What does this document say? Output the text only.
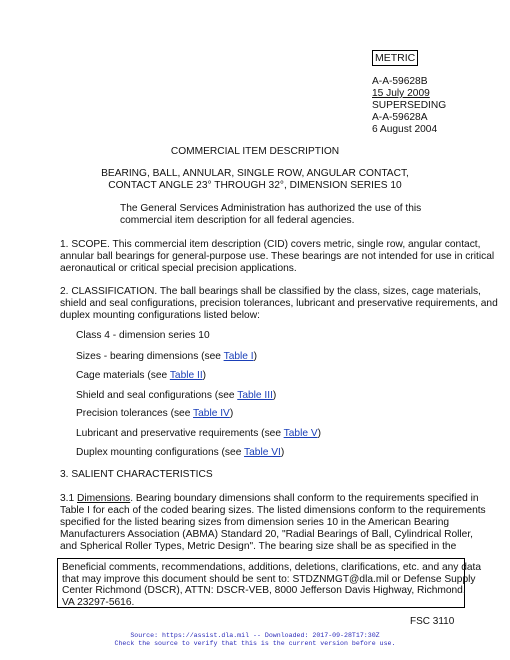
METRIC
A-A-59628B
15 July 2009
SUPERSEDING
A-A-59628A
6 August 2004
COMMERCIAL ITEM DESCRIPTION
BEARING, BALL, ANNULAR, SINGLE ROW, ANGULAR CONTACT,
CONTACT ANGLE 23° THROUGH 32°, DIMENSION SERIES 10
The General Services Administration has authorized the use of this
commercial item description for all federal agencies.
1. SCOPE. This commercial item description (CID) covers metric, single row, angular contact,
annular ball bearings for general-purpose use. These bearings are not intended for use in critical
aeronautical or critical special precision applications.
2. CLASSIFICATION. The ball bearings shall be classified by the class, sizes, cage materials,
shield and seal configurations, precision tolerances, lubricant and preservative requirements, and
duplex mounting configurations listed below:
Class 4 - dimension series 10
Sizes - bearing dimensions (see Table I)
Cage materials (see Table II)
Shield and seal configurations (see Table III)
Precision tolerances (see Table IV)
Lubricant and preservative requirements (see Table V)
Duplex mounting configurations (see Table VI)
3. SALIENT CHARACTERISTICS
3.1 Dimensions. Bearing boundary dimensions shall conform to the requirements specified in
Table I for each of the coded bearing sizes. The listed dimensions conform to the requirements
specified for the listed bearing sizes from dimension series 10 in the American Bearing
Manufacturers Association (ABMA) Standard 20, "Radial Bearings of Ball, Cylindrical Roller,
and Spherical Roller Types, Metric Design". The bearing size shall be as specified in the
Beneficial comments, recommendations, additions, deletions, clarifications, etc. and any data
that may improve this document should be sent to: STDZNMGT@dla.mil or Defense Supply
Center Richmond (DSCR), ATTN: DSCR-VEB, 8000 Jefferson Davis Highway, Richmond,
VA 23297-5616.
FSC 3110
Source: https://assist.dla.mil -- Downloaded: 2017-09-28T17:30Z
Check the source to verify that this is the current version before use.
